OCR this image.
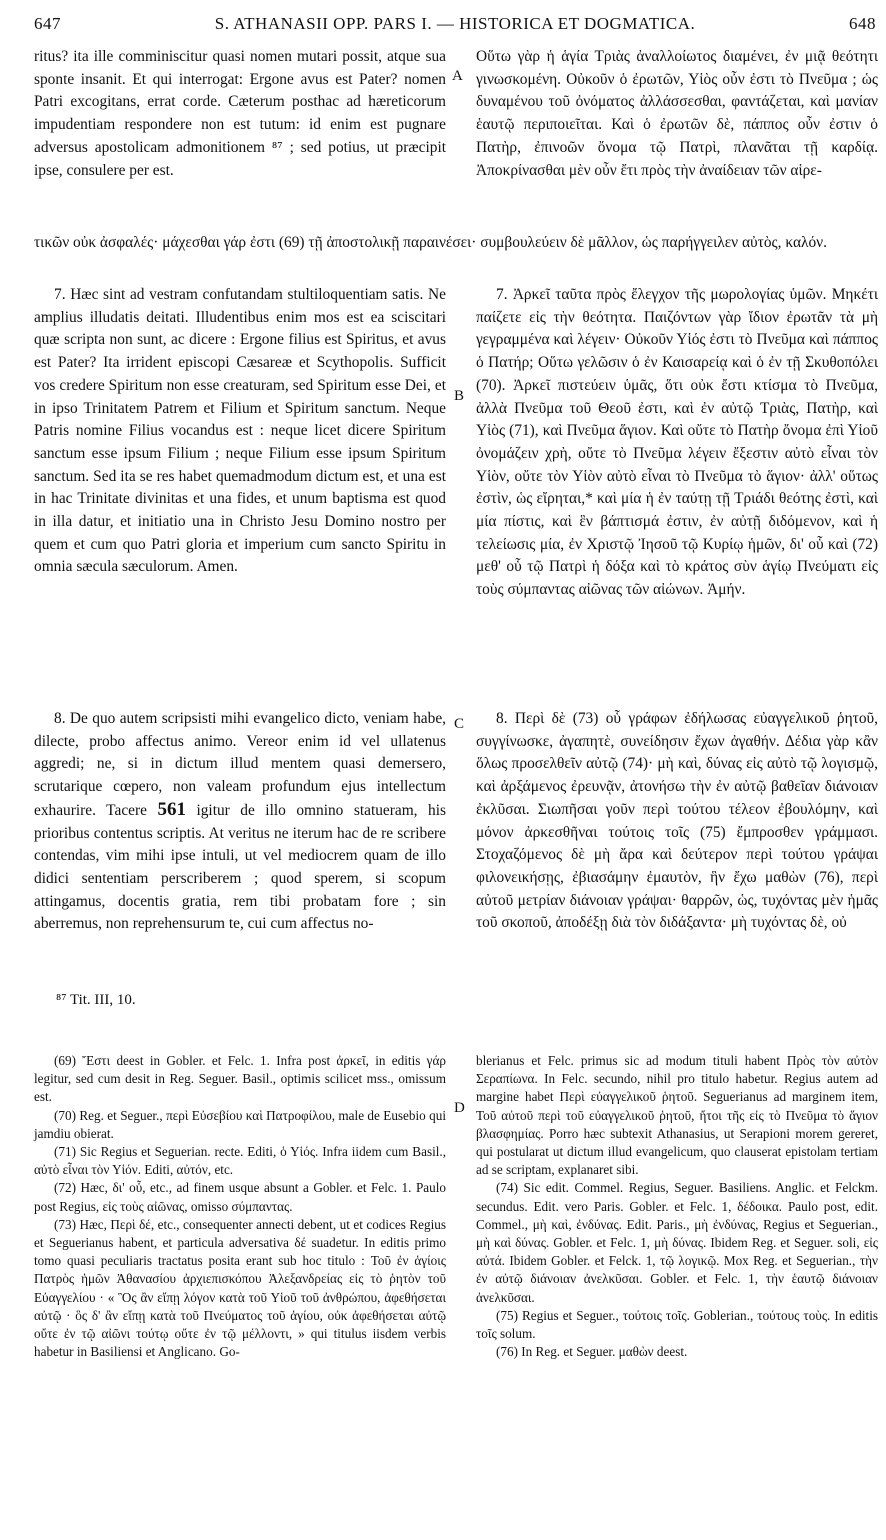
647	S. ATHANASII OPP. PARS I. — HISTORICA ET DOGMATICA.	648

ritus? ita ille comminiscitur quasi nomen mutari possit, atque sua sponte insanit. Et qui interrogat: Ergone avus est Pater? nomen Patri excogitans, errat corde. Cæterum posthac ad hæreticorum impudentiam respondere non est tutum: id enim est pugnare adversus apostolicam admonitionem ⁸⁷ ; sed potius, ut præcipit ipse, consulere per est.

Οὕτω γὰρ ἡ ἁγία Τριὰς ἀναλλοίωτος διαμένει, ἐν μιᾷ θεότητι γινωσκομένη. Οὐκοῦν ὁ ἐρωτῶν, Υἱὸς οὖν ἐστι τὸ Πνεῦμα ; ὡς δυναμένου τοῦ ὀνόματος ἀλλάσσεσθαι, φαντάζεται, καὶ μανίαν ἑαυτῷ περιποιεῖται. Καὶ ὁ ἐρωτῶν δὲ, πάππος οὖν ἐστιν ὁ Πατὴρ, ἐπινοῶν ὄνομα τῷ Πατρὶ, πλανᾶται τῇ καρδίᾳ. Ἀποκρίνασθαι μὲν οὖν ἔτι πρὸς τὴν ἀναίδειαν τῶν αἱρε-

A

τικῶν οὐκ ἀσφαλές· μάχεσθαι γάρ ἐστι (69) τῇ ἀποστολικῇ παραινέσει· συμβουλεύειν δὲ μᾶλλον, ὡς παρήγγειλεν αὐτὸς, καλόν.

7. Hæc sint ad vestram confutandam stultiloquentiam satis. Ne amplius illudatis deitati. Illudentibus enim mos est ea sciscitari quæ scripta non sunt, ac dicere : Ergone filius est Spiritus, et avus est Pater? Ita irrident episcopi Cæsareæ et Scythopolis. Sufficit vos credere Spiritum non esse creaturam, sed Spiritum esse Dei, et in ipso Trinitatem Patrem et Filium et Spiritum sanctum. Neque Patris nomine Filius vocandus est : neque licet dicere Spiritum sanctum esse ipsum Filium ; neque Filium esse ipsum Spiritum sanctum. Sed ita se res habet quemadmodum dictum est, et una est in hac Trinitate divinitas et una fides, et unum baptisma est quod in illa datur, et initiatio una in Christo Jesu Domino nostro per quem et cum quo Patri gloria et imperium cum sancto Spiritu in omnia sæcula sæculorum. Amen.

7. Ἀρκεῖ ταῦτα πρὸς ἔλεγχον τῆς μωρολογίας ὑμῶν. Μηκέτι παίζετε εἰς τὴν θεότητα. Παιζόντων γὰρ ἴδιον ἐρωτᾶν τὰ μὴ γεγραμμένα καὶ λέγειν· Οὐκοῦν Υἱός ἐστι τὸ Πνεῦμα καὶ πάππος ὁ Πατήρ; Οὕτω γελῶσιν ὁ ἐν Καισαρείᾳ καὶ ὁ ἐν τῇ Σκυθοπόλει (70). Ἀρκεῖ πιστεύειν ὑμᾶς, ὅτι οὐκ ἔστι κτίσμα τὸ Πνεῦμα, ἀλλὰ Πνεῦμα τοῦ Θεοῦ ἐστι, καὶ ἐν αὐτῷ Τριὰς, Πατὴρ, καὶ Υἱὸς (71), καὶ Πνεῦμα ἅγιον. Καὶ οὔτε τὸ Πατὴρ ὄνομα ἐπὶ Υἱοῦ ὀνομάζειν χρὴ, οὔτε τὸ Πνεῦμα λέγειν ἔξεστιν αὐτὸ εἶναι τὸν Υἱὸν, οὔτε τὸν Υἱὸν αὐτὸ εἶναι τὸ Πνεῦμα τὸ ἅγιον· ἀλλ' οὕτως ἐστὶν, ὡς εἴρηται,* καὶ μία ἡ ἐν ταύτῃ τῇ Τριάδι θεότης ἐστὶ, καὶ μία πίστις, καὶ ἓν βάπτισμά ἐστιν, ἐν αὐτῇ διδόμενον, καὶ ἡ τελείωσις μία, ἐν Χριστῷ Ἰησοῦ τῷ Κυρίῳ ἡμῶν, δι' οὗ καὶ (72) μεθ' οὗ τῷ Πατρὶ ἡ δόξα καὶ τὸ κράτος σὺν ἁγίῳ Πνεύματι εἰς τοὺς σύμπαντας αἰῶνας τῶν αἰώνων. Ἀμήν.

B

8. De quo autem scripsisti mihi evangelico dicto, veniam habe, dilecte, probo affectus animo. Vereor enim id vel ullatenus aggredi; ne, si in dictum illud mentem quasi demersero, scrutarique cœpero, non valeam profundum ejus intellectum exhaurire. Tacere 561 igitur de illo omnino statueram, his prioribus contentus scriptis. At veritus ne iterum hac de re scribere contendas, vim mihi ipse intuli, ut vel mediocrem quam de illo didici sententiam perscriberem ; quod sperem, si scopum attingamus, docentis gratia, rem tibi probatam fore ; sin aberremus, non reprehensurum te, cui cum affectus no-

8. Περὶ δὲ (73) οὗ γράφων ἐδήλωσας εὐαγγελικοῦ ῥητοῦ, συγγίνωσκε, ἀγαπητὲ, συνείδησιν ἔχων ἀγαθήν. Δέδια γὰρ κἂν ὅλως προσελθεῖν αὐτῷ (74)· μὴ καὶ, δύνας εἰς αὐτὸ τῷ λογισμῷ, καὶ ἀρξάμενος ἐρευνᾷν, ἀτονήσω τὴν ἐν αὐτῷ βαθεῖαν διάνοιαν ἐκλῦσαι. Σιωπῆσαι γοῦν περὶ τούτου τέλεον ἐβουλόμην, καὶ μόνον ἀρκεσθῆναι τούτοις τοῖς (75) ἔμπροσθεν γράμμασι. Στοχαζόμενος δὲ μὴ ἄρα καὶ δεύτερον περὶ τούτου γράψαι φιλονεικήσῃς, ἐβιασάμην ἐμαυτὸν, ἣν ἔχω μαθὼν (76), περὶ αὐτοῦ μετρίαν διάνοιαν γράψαι· θαρρῶν, ὡς, τυχόντας μὲν ἡμᾶς τοῦ σκοποῦ, ἀποδέξῃ διὰ τὸν διδάξαντα· μὴ τυχόντας δὲ, οὐ

C
⁸⁷ Tit. III, 10.

(69) Ἔστι deest in Gobler. et Felc. 1. Infra post ἀρκεῖ, in editis γάρ legitur, sed cum desit in Reg. Seguer. Basil., optimis scilicet mss., omissum est.

(70) Reg. et Seguer., περὶ Εὐσεβίου καὶ Πατροφίλου, male de Eusebio qui jamdiu obierat.

(71) Sic Regius et Seguerian. recte. Editi, ὁ Υἱός. Infra iidem cum Basil., αὐτὸ εἶναι τὸν Υἱόν. Editi, αὐτόν, etc.

(72) Hæc, δι' οὗ, etc., ad finem usque absunt a Gobler. et Felc. 1. Paulo post Regius, εἰς τοὺς αἰῶνας, omisso σύμπαντας.

(73) Hæc, Περὶ δέ, etc., consequenter annecti debent, ut et codices Regius et Seguerianus habent, et particula adversativa δέ suadetur. In editis primo tomo quasi peculiaris tractatus posita erant sub hoc titulo : Τοῦ ἐν ἁγίοις Πατρὸς ἡμῶν Ἀθανασίου ἀρχιεπισκόπου Ἀλεξανδρείας εἰς τὸ ῥητὸν τοῦ Εὐαγγελίου · « Ὃς ἂν εἴπῃ λόγον κατὰ τοῦ Υἱοῦ τοῦ ἀνθρώπου, ἀφεθήσεται αὐτῷ · ὃς δ' ἂν εἴπῃ κατὰ τοῦ Πνεύματος τοῦ ἁγίου, οὐκ ἀφεθήσεται αὐτῷ οὔτε ἐν τῷ αἰῶνι τούτῳ οὔτε ἐν τῷ μέλλοντι, » qui titulus iisdem verbis habetur in Basiliensi et Anglicano. Go-

blerianus et Felc. primus sic ad modum tituli habent Πρὸς τὸν αὐτὸν Σεραπίωνα. In Felc. secundo, nihil pro titulo habetur. Regius autem ad margine habet Περὶ εὐαγγελικοῦ ῥητοῦ. Seguerianus ad marginem item, Τοῦ αὐτοῦ περὶ τοῦ εὐαγγελικοῦ ῥητοῦ, ἤτοι τῆς εἰς τὸ Πνεῦμα τὸ ἅγιον βλασφημίας. Porro hæc subtexit Athanasius, ut Serapioni morem gereret, qui postularat ut dictum illud evangelicum, quo clauserat epistolam tertiam ad se scriptam, explanaret sibi.

(74) Sic edit. Commel. Regius, Seguer. Basiliens. Anglic. et Felckm. secundus. Edit. vero Paris. Gobler. et Felc. 1, δέδοικα. Paulo post, edit. Commel., μὴ καὶ, ἐνδύνας. Edit. Paris., μὴ ἐνδύνας, Regius et Seguerian., μὴ καὶ δύνας. Gobler. et Felc. 1, μὴ δύνας. Ibidem Reg. et Seguer. soli, εἰς αὐτά. Ibidem Gobler. et Felck. 1, τῷ λογικῷ. Mox Reg. et Seguerian., τὴν ἐν αὐτῷ διάνοιαν ἀνελκῦσαι. Gobler. et Felc. 1, τὴν ἑαυτῷ διάνοιαν ἀνελκῦσαι.

(75) Regius et Seguer., τούτοις τοῖς. Goblerian., τούτους τοὺς. In editis τοῖς solum.

(76) In Reg. et Seguer. μαθὼν deest.

D
